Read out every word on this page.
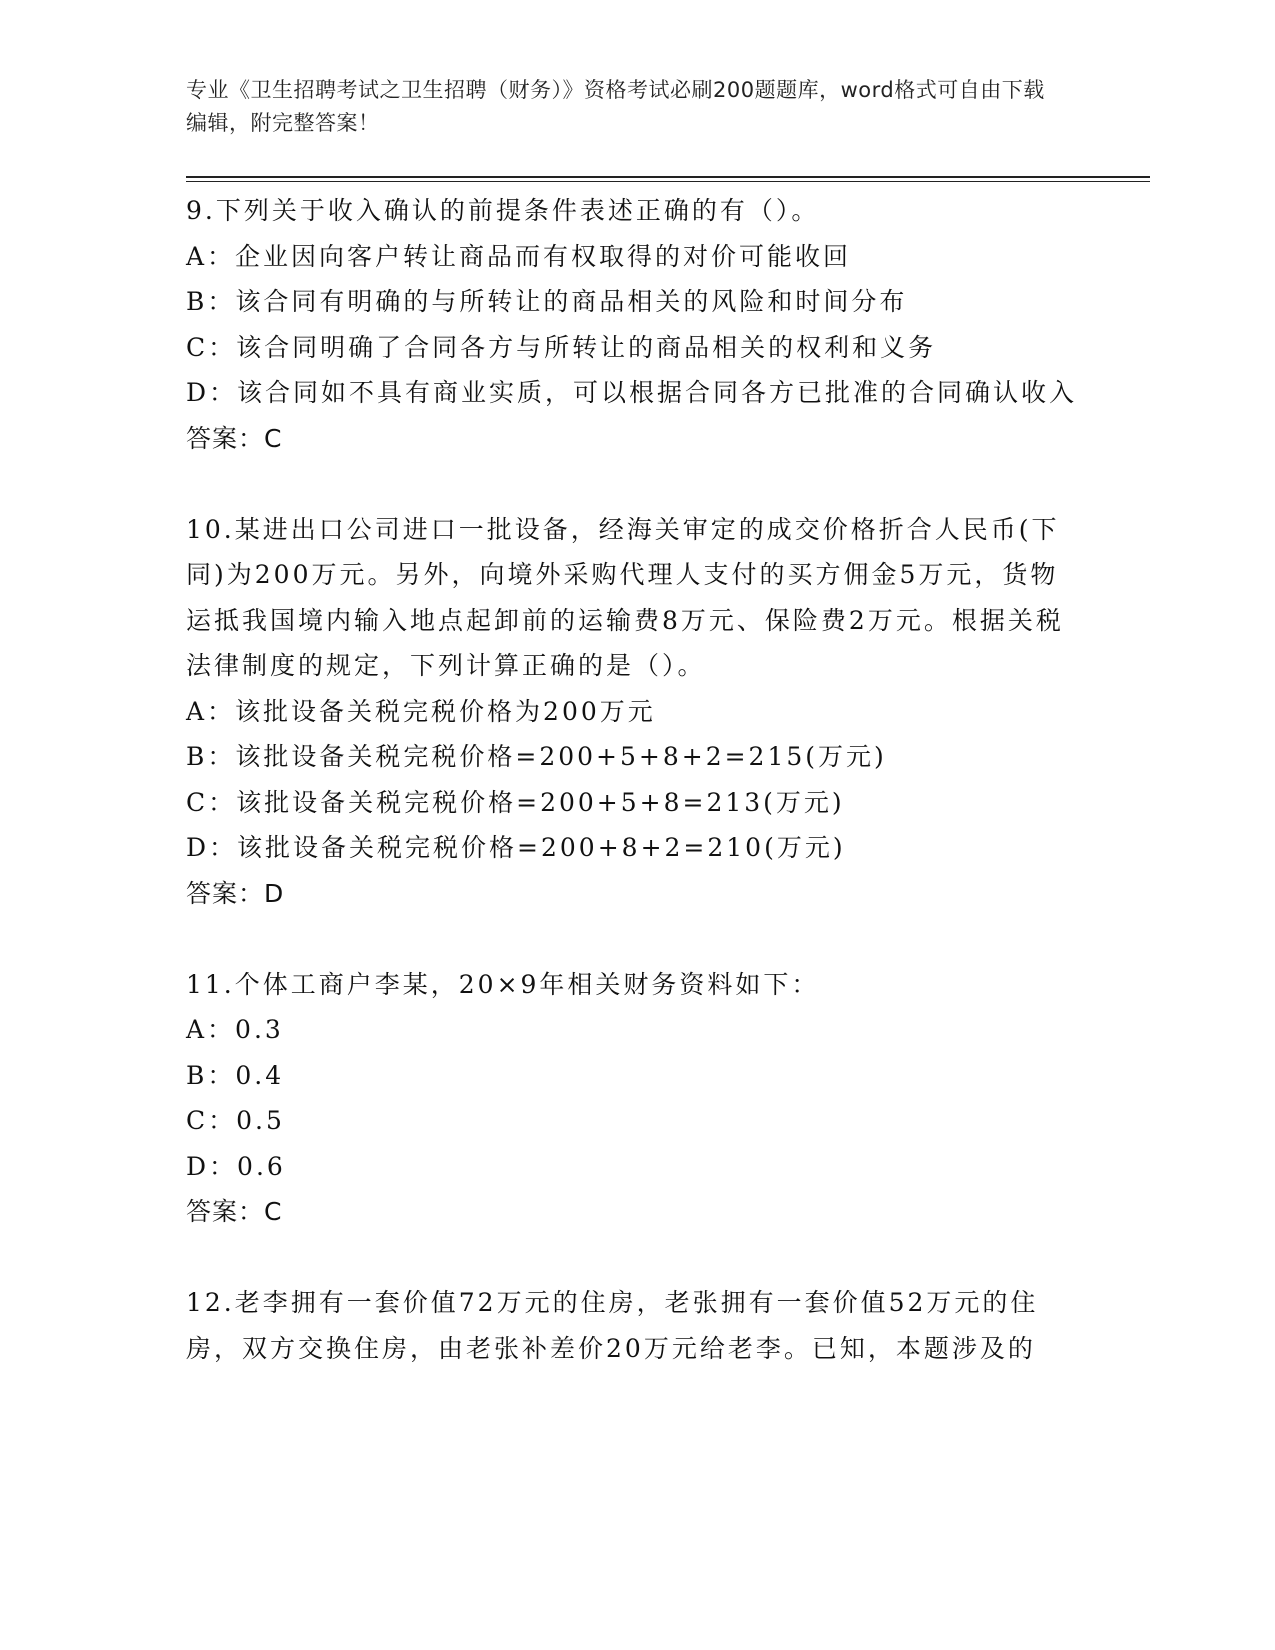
专业《卫生招聘考试之卫生招聘（财务）》资格考试必刷200题题库，word格式可自由下载编辑，附完整答案！
9.下列关于收入确认的前提条件表述正确的有（）。
A：企业因向客户转让商品而有权取得的对价可能收回
B：该合同有明确的与所转让的商品相关的风险和时间分布
C：该合同明确了合同各方与所转让的商品相关的权利和义务
D：该合同如不具有商业实质，可以根据合同各方已批准的合同确认收入
答案：C
10.某进出口公司进口一批设备，经海关审定的成交价格折合人民币(下同)为200万元。另外，向境外采购代理人支付的买方佣金5万元，货物运抵我国境内输入地点起卸前的运输费8万元、保险费2万元。根据关税法律制度的规定，下列计算正确的是（）。
A：该批设备关税完税价格为200万元
B：该批设备关税完税价格=200+5+8+2=215(万元)
C：该批设备关税完税价格=200+5+8=213(万元)
D：该批设备关税完税价格=200+8+2=210(万元)
答案：D
11.个体工商户李某，20×9年相关财务资料如下：
A：0.3
B：0.4
C：0.5
D：0.6
答案：C
12.老李拥有一套价值72万元的住房，老张拥有一套价值52万元的住房，双方交换住房，由老张补差价20万元给老李。已知，本题涉及的
